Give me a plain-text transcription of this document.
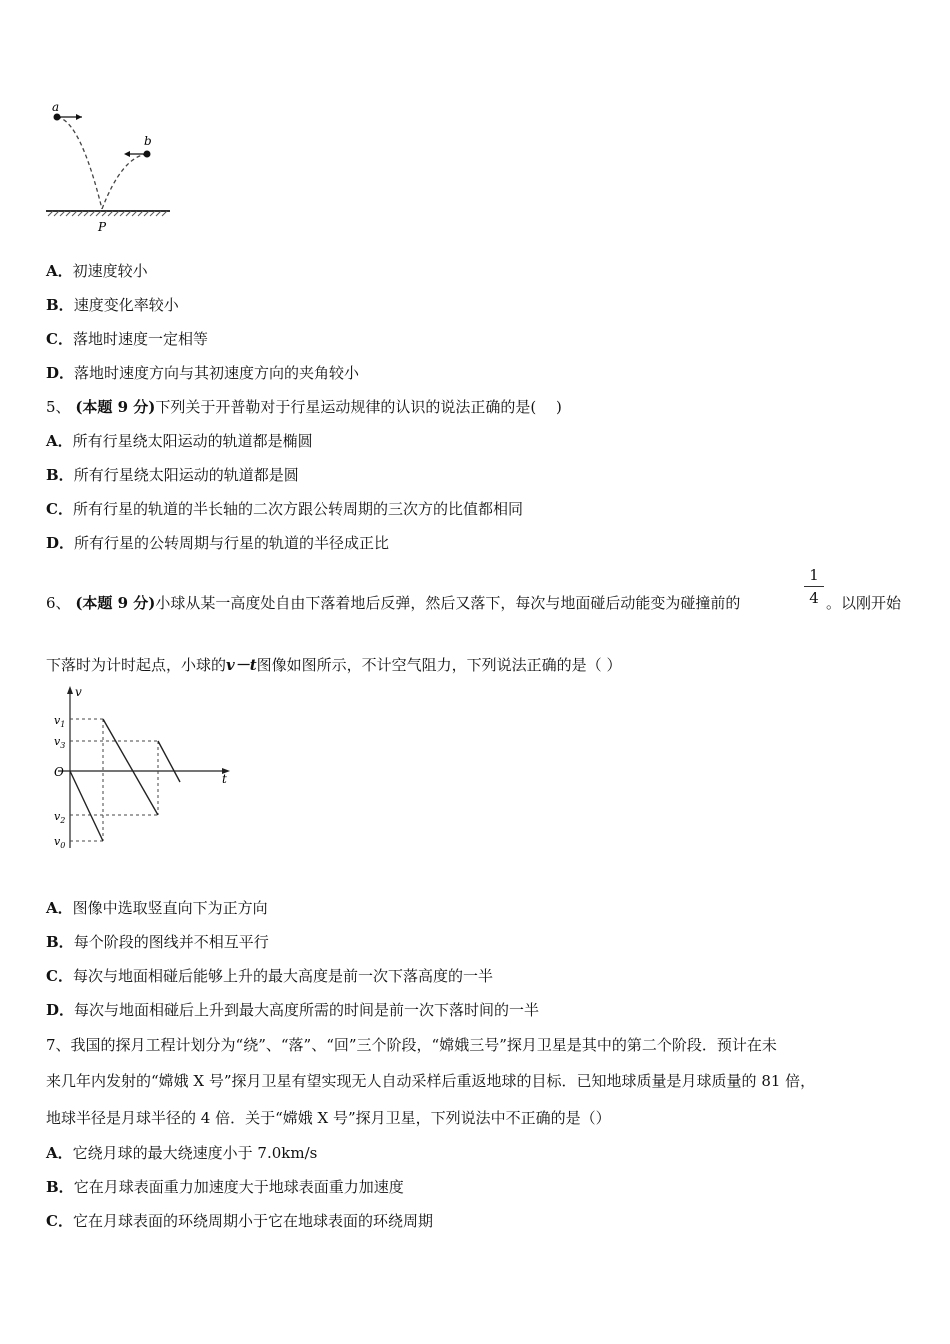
a
b
P
A．初速度较小
B．速度变化率较小
C．落地时速度一定相等
D．落地时速度方向与其初速度方向的夹角较小
5、 (本题 9 分)下列关于开普勒对于行星运动规律的认识的说法正确的是(　 )
A．所有行星绕太阳运动的轨道都是椭圆
B．所有行星绕太阳运动的轨道都是圆
C．所有行星的轨道的半长轴的二次方跟公转周期的三次方的比值都相同
D．所有行星的公转周期与行星的轨道的半径成正比
6、 (本题 9 分)小球从某一高度处自由下落着地后反弹，然后又落下，每次与地面碰后动能变为碰撞前的
1
4 。以刚开始
下落时为计时起点，小球的v－t图像如图所示，不计空气阻力，下列说法正确的是（ ）
v
t
O
$v_1$
$v_3$
$v_2$
$v_0$
A．图像中选取竖直向下为正方向
B．每个阶段的图线并不相互平行
C．每次与地面相碰后能够上升的最大高度是前一次下落高度的一半
D．每次与地面相碰后上升到最大高度所需的时间是前一次下落时间的一半
7、我国的探月工程计划分为“绕”、“落”、“回”三个阶段，“嫦娥三号”探月卫星是其中的第二个阶段．预计在未
来几年内发射的“嫦娥 X 号”探月卫星有望实现无人自动采样后重返地球的目标．已知地球质量是月球质量的 81 倍，
地球半径是月球半径的 4 倍．关于“嫦娥 X 号”探月卫星，下列说法中不正确的是（）
A．它绕月球的最大绕速度小于 7.0km/s
B．它在月球表面重力加速度大于地球表面重力加速度
C．它在月球表面的环绕周期小于它在地球表面的环绕周期
